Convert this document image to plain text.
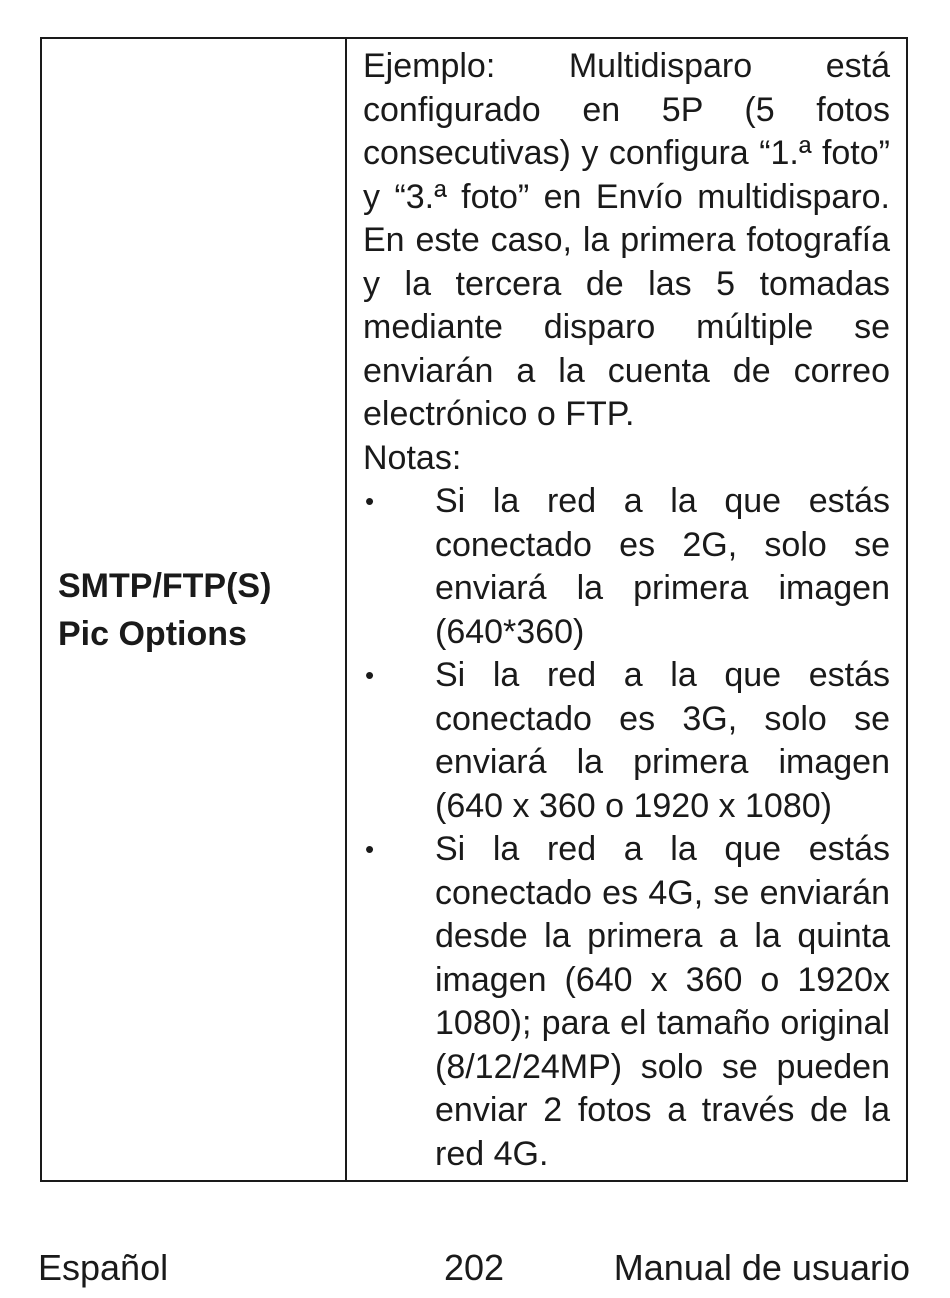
SMTP/FTP(S)
Pic Options

Ejemplo: Multidisparo está configurado en 5P (5 fotos consecutivas) y configura “1.ª foto” y “3.ª foto” en Envío multidisparo. En este caso, la primera fotografía y la tercera de las 5 tomadas mediante disparo múltiple se enviarán a la cuenta de correo electrónico o FTP.

Notas:

•	Si la red a la que estás conectado es 2G, solo se enviará la primera imagen (640*360)
•	Si la red a la que estás conectado es 3G, solo se enviará la primera imagen (640 x 360 o 1920 x 1080)
•	Si la red a la que estás conectado es 4G, se enviarán desde la primera a la quinta imagen (640 x 360 o 1920x 1080); para el tamaño original (8/12/24MP) solo se pueden enviar 2 fotos a través de la red 4G.
Español	202	Manual de usuario
